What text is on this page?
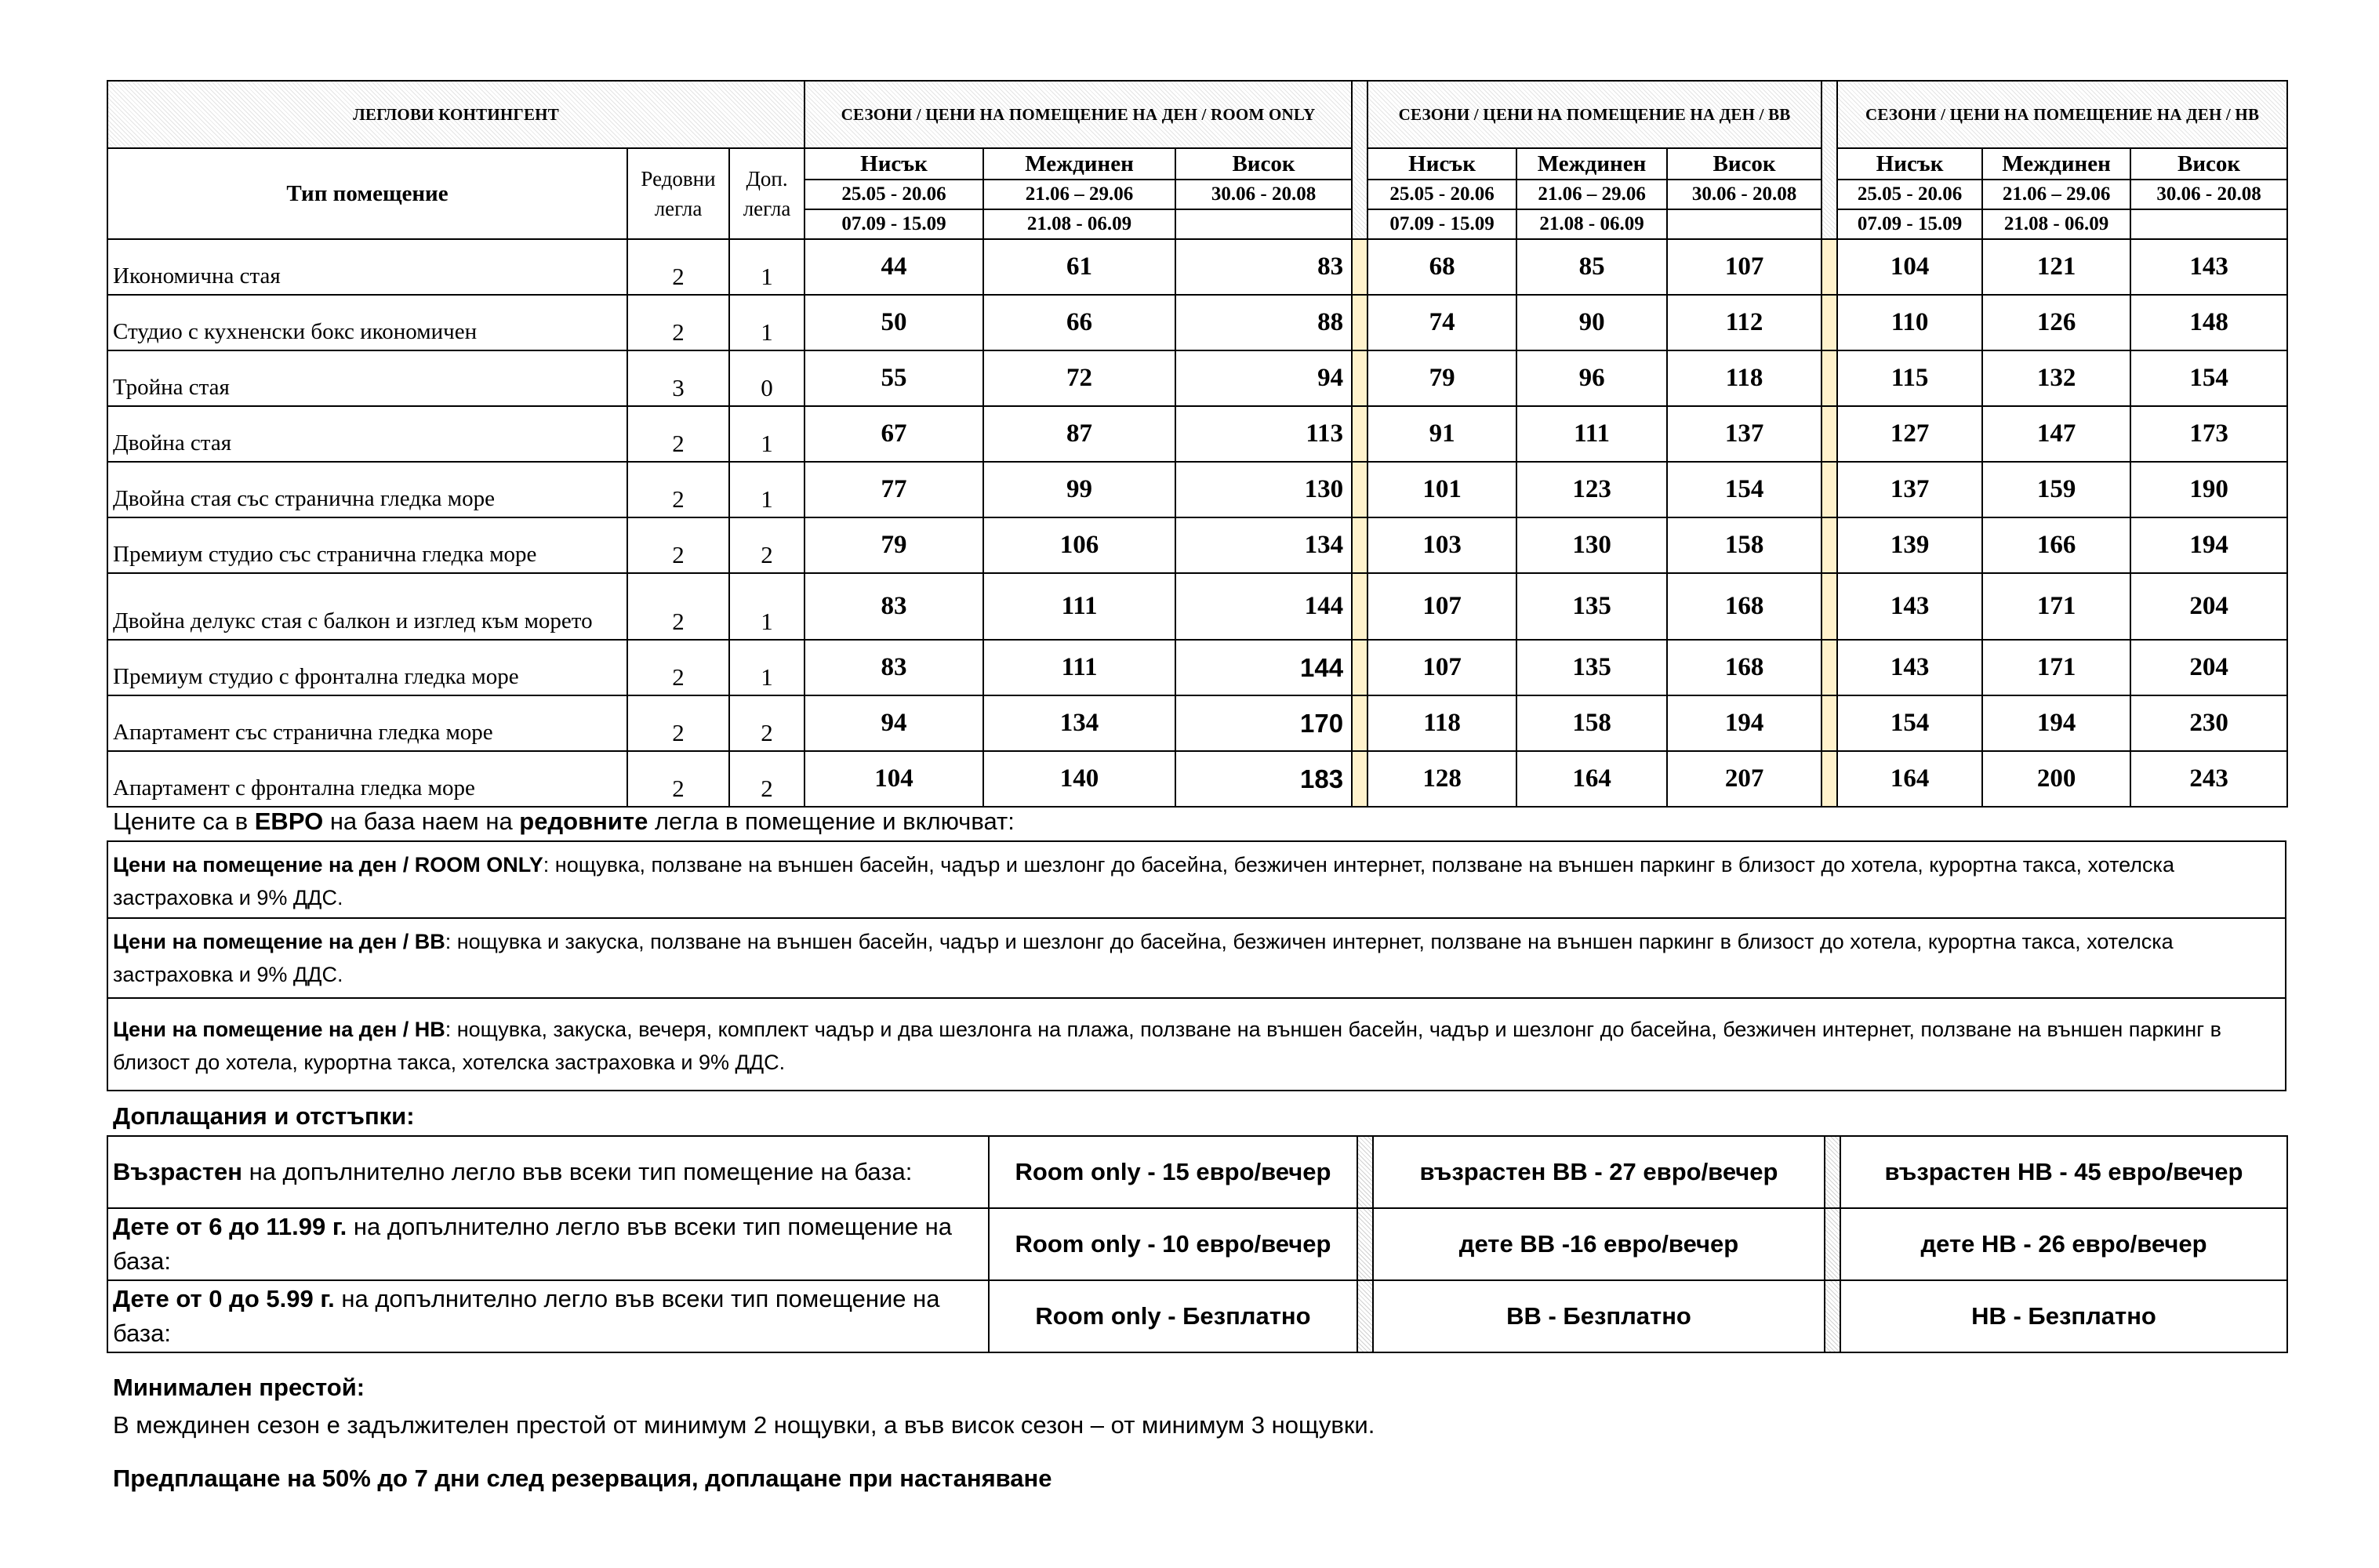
ЛЕГЛОВИ КОНТИНГЕНТ			СЕЗОНИ / ЦЕНИ НА ПОМЕЩЕНИЕ НА ДЕН / ROOM ONLY				СЕЗОНИ / ЦЕНИ НА ПОМЕЩЕНИЕ НА ДЕН / BB				СЕЗОНИ / ЦЕНИ НА ПОМЕЩЕНИЕ НА ДЕН / HB		
Тип помещение	Редовни легла	Доп. легла	Нисък	Междинен	Висок		Нисък	Междинен	Висок		Нисък	Междинен	Висок
			25.05 - 20.06	21.06 – 29.06	30.06 - 20.08		25.05 - 20.06	21.06 – 29.06	30.06 - 20.08		25.05 - 20.06	21.06 – 29.06	30.06 - 20.08
			07.09 - 15.09	21.08 - 06.09			07.09 - 15.09	21.08 - 06.09			07.09 - 15.09	21.08 - 06.09	
Икономична стая	2	1	44	61	83		68	85	107		104	121	143
Студио с кухненски бокс икономичен	2	1	50	66	88		74	90	112		110	126	148
Тройна стая	3	0	55	72	94		79	96	118		115	132	154
Двойна стая	2	1	67	87	113		91	111	137		127	147	173
Двойна стая със странична гледка море	2	1	77	99	130		101	123	154		137	159	190
Премиум студио със странична гледка море	2	2	79	106	134		103	130	158		139	166	194
Двойна делукс стая с балкон и изглед към морето	2	1	83	111	144		107	135	168		143	171	204
Премиум студио с фронтална гледка море	2	1	83	111	144		107	135	168		143	171	204
Апартамент със странична гледка море	2	2	94	134	170		118	158	194		154	194	230
Апартамент с фронтална гледка море	2	2	104	140	183		128	164	207		164	200	243
Цените са в ЕВРО на база наем на редовните легла в помещение и включват:
Цени на помещение на ден / ROOM ONLY: нощувка, ползване на външен басейн, чадър и шезлонг до басейна, безжичен интернет, ползване на външен паркинг в близост до хотела, курортна такса, хотелска застраховка и 9% ДДС.
Цени на помещение на ден / BB: нощувка и закуска, ползване на външен басейн, чадър и шезлонг до басейна, безжичен интернет, ползване на външен паркинг в близост до хотела, курортна такса, хотелска застраховка и 9% ДДС.
Цени на помещение на ден / HB: нощувка, закуска, вечеря, комплект чадър и два шезлонга на плажа, ползване на външен басейн, чадър и шезлонг до басейна, безжичен интернет, ползване на външен паркинг в близост до хотела, курортна такса, хотелска застраховка и 9% ДДС.
Доплащания и отстъпки:
Възрастен на допълнително легло във всеки тип помещение на база:	Room only - 15 евро/вечер		възрастен BB - 27 евро/вечер		възрастен HB - 45 евро/вечер
Дете от 6 до 11.99 г. на допълнително легло във всеки тип помещение на база:	Room only - 10 евро/вечер		дете BB -16 евро/вечер		дете HB - 26 евро/вечер
Дете от 0 до 5.99 г. на допълнително легло във всеки тип помещение на база:	Room only - Безплатно		BB - Безплатно		HB - Безплатно
Минимален престой:
В междинен сезон е задължителен престой от минимум 2 нощувки, а във висок сезон – от минимум 3 нощувки.
Предплащане на 50% до 7 дни след резервация, доплащане при настаняване
